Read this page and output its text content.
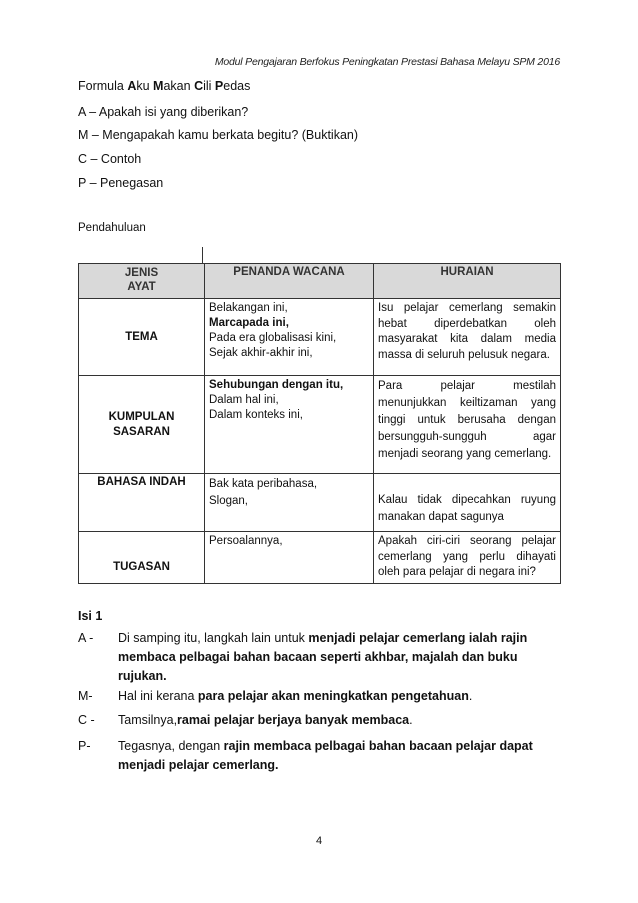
Modul Pengajaran Berfokus Peningkatan Prestasi Bahasa Melayu SPM 2016
Formula Aku Makan Cili Pedas
A – Apakah isi yang diberikan?
M – Mengapakah kamu berkata begitu? (Buktikan)
C – Contoh
P – Penegasan
Pendahuluan
JENIS AYAT	PENANDA WACANA	HURAIAN
TEMA	Belakangan ini,
Marcapada ini,
Pada era globalisasi kini,
Sejak akhir-akhir ini,	Isu pelajar cemerlang semakin hebat diperdebatkan oleh masyarakat kita dalam media massa di seluruh pelusuk negara.
KUMPULAN SASARAN	Sehubungan dengan itu,
Dalam hal ini,
Dalam konteks ini,	Para pelajar mestilah menunjukkan keiltizaman yang tinggi untuk berusaha dengan bersungguh-sungguh agar menjadi seorang yang cemerlang.
BAHASA INDAH	Bak kata peribahasa,
Slogan,	Kalau tidak dipecahkan ruyung manakan dapat sagunya
TUGASAN	Persoalannya,	Apakah ciri-ciri seorang pelajar cemerlang yang perlu dihayati oleh para pelajar di negara ini?
Isi 1
A - Di samping itu, langkah lain untuk menjadi pelajar cemerlang ialah rajin membaca pelbagai bahan bacaan seperti akhbar, majalah dan buku rujukan.
M- Hal ini kerana para pelajar akan meningkatkan pengetahuan.
C - Tamsilnya,ramai pelajar berjaya banyak membaca.
P- Tegasnya, dengan rajin membaca pelbagai bahan bacaan pelajar dapat menjadi pelajar cemerlang.
4
